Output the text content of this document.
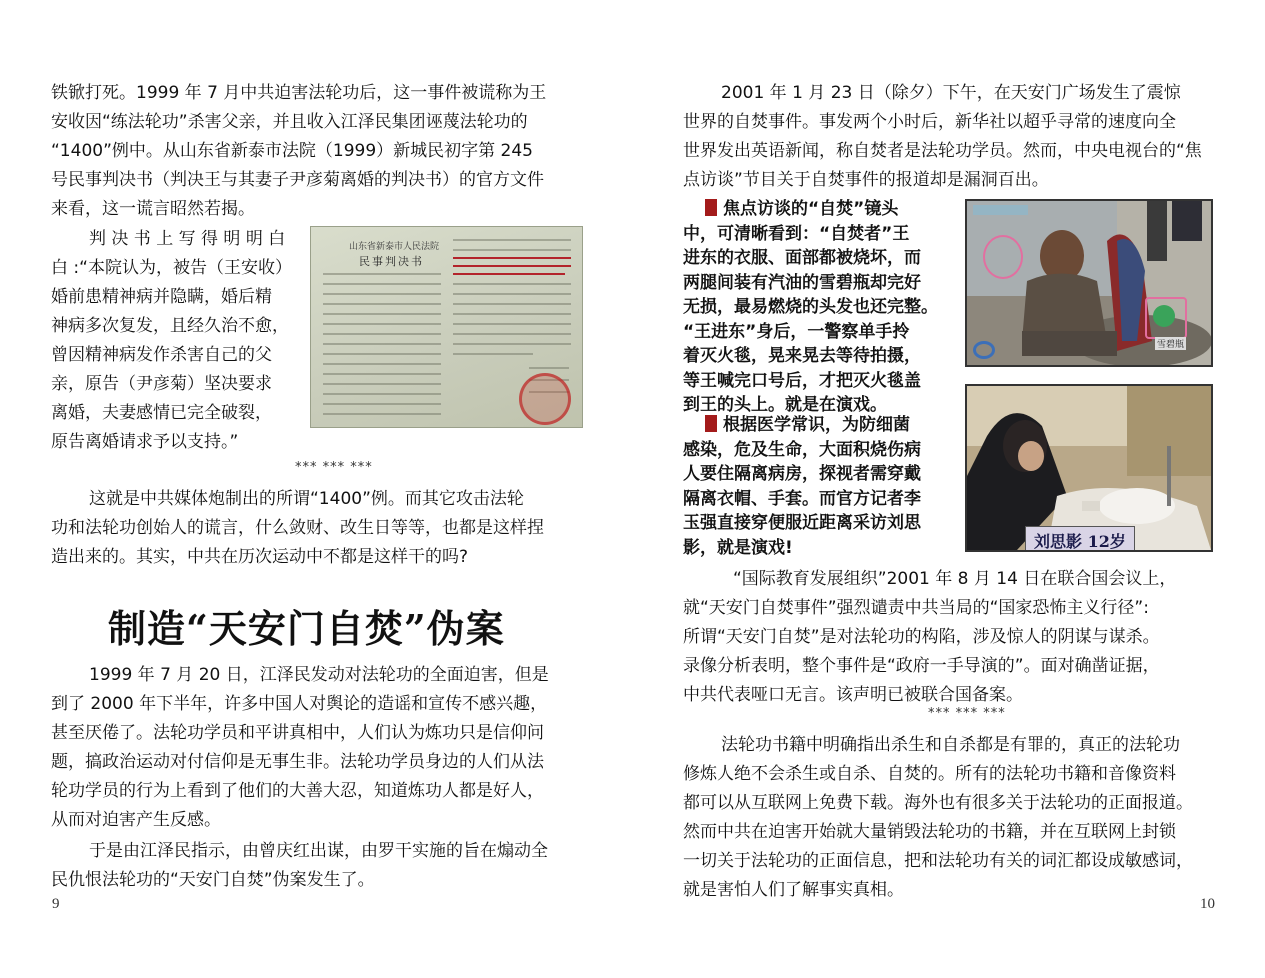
铁锨打死。1999 年 7 月中共迫害法轮功后，这一事件被谎称为王
安收因“练法轮功”杀害父亲，并且收入江泽民集团诬蔑法轮功的
“1400”例中。从山东省新泰市法院（1999）新城民初字第 245
号民事判决书（判决王与其妻子尹彦菊离婚的判决书）的官方文件
来看，这一谎言昭然若揭。
判 决 书 上 写 得 明 明 白
白 :“本院认为，被告（王安收）
婚前患精神病并隐瞒，婚后精
神病多次复发，且经久治不愈，
曾因精神病发作杀害自己的父
亲，原告（尹彦菊）坚决要求
离婚，夫妻感情已完全破裂，
原告离婚请求予以支持。”
山东省新泰市人民法院
民事判决书
*** *** ***
这就是中共媒体炮制出的所谓“1400”例。而其它攻击法轮
功和法轮功创始人的谎言，什么敛财、改生日等等，也都是这样捏
造出来的。其实，中共在历次运动中不都是这样干的吗?
制造“天安门自焚”伪案
1999 年 7 月 20 日，江泽民发动对法轮功的全面迫害，但是
到了 2000 年下半年，许多中国人对舆论的造谣和宣传不感兴趣，
甚至厌倦了。法轮功学员和平讲真相中，人们认为炼功只是信仰问
题，搞政治运动对付信仰是无事生非。法轮功学员身边的人们从法
轮功学员的行为上看到了他们的大善大忍，知道炼功人都是好人，
从而对迫害产生反感。
于是由江泽民指示，由曾庆红出谋，由罗干实施的旨在煽动全
民仇恨法轮功的“天安门自焚”伪案发生了。
9
2001 年 1 月 23 日（除夕）下午，在天安门广场发生了震惊
世界的自焚事件。事发两个小时后，新华社以超乎寻常的速度向全
世界发出英语新闻，称自焚者是法轮功学员。然而，中央电视台的“焦
点访谈”节目关于自焚事件的报道却是漏洞百出。
焦点访谈的“自焚”镜头
中，可清晰看到：“自焚者”王
进东的衣服、面部都被烧坏，而
两腿间装有汽油的雪碧瓶却完好
无损，最易燃烧的头发也还完整。
“王进东”身后，一警察单手拎
着灭火毯，晃来晃去等待拍摄，
等王喊完口号后，才把灭火毯盖
到王的头上。就是在演戏。
根据医学常识，为防细菌
感染，危及生命，大面积烧伤病
人要住隔离病房，探视者需穿戴
隔离衣帽、手套。而官方记者李
玉强直接穿便服近距离采访刘思
影，就是演戏!
雪碧瓶
刘思影 12岁
“国际教育发展组织”2001 年 8 月 14 日在联合国会议上，
就“天安门自焚事件”强烈谴责中共当局的“国家恐怖主义行径”:
所谓“天安门自焚”是对法轮功的构陷，涉及惊人的阴谋与谋杀。
录像分析表明，整个事件是“政府一手导演的”。面对确凿证据，
中共代表哑口无言。该声明已被联合国备案。
*** *** ***
法轮功书籍中明确指出杀生和自杀都是有罪的，真正的法轮功
修炼人绝不会杀生或自杀、自焚的。所有的法轮功书籍和音像资料
都可以从互联网上免费下载。海外也有很多关于法轮功的正面报道。
然而中共在迫害开始就大量销毁法轮功的书籍，并在互联网上封锁
一切关于法轮功的正面信息，把和法轮功有关的词汇都设成敏感词，
就是害怕人们了解事实真相。
10
